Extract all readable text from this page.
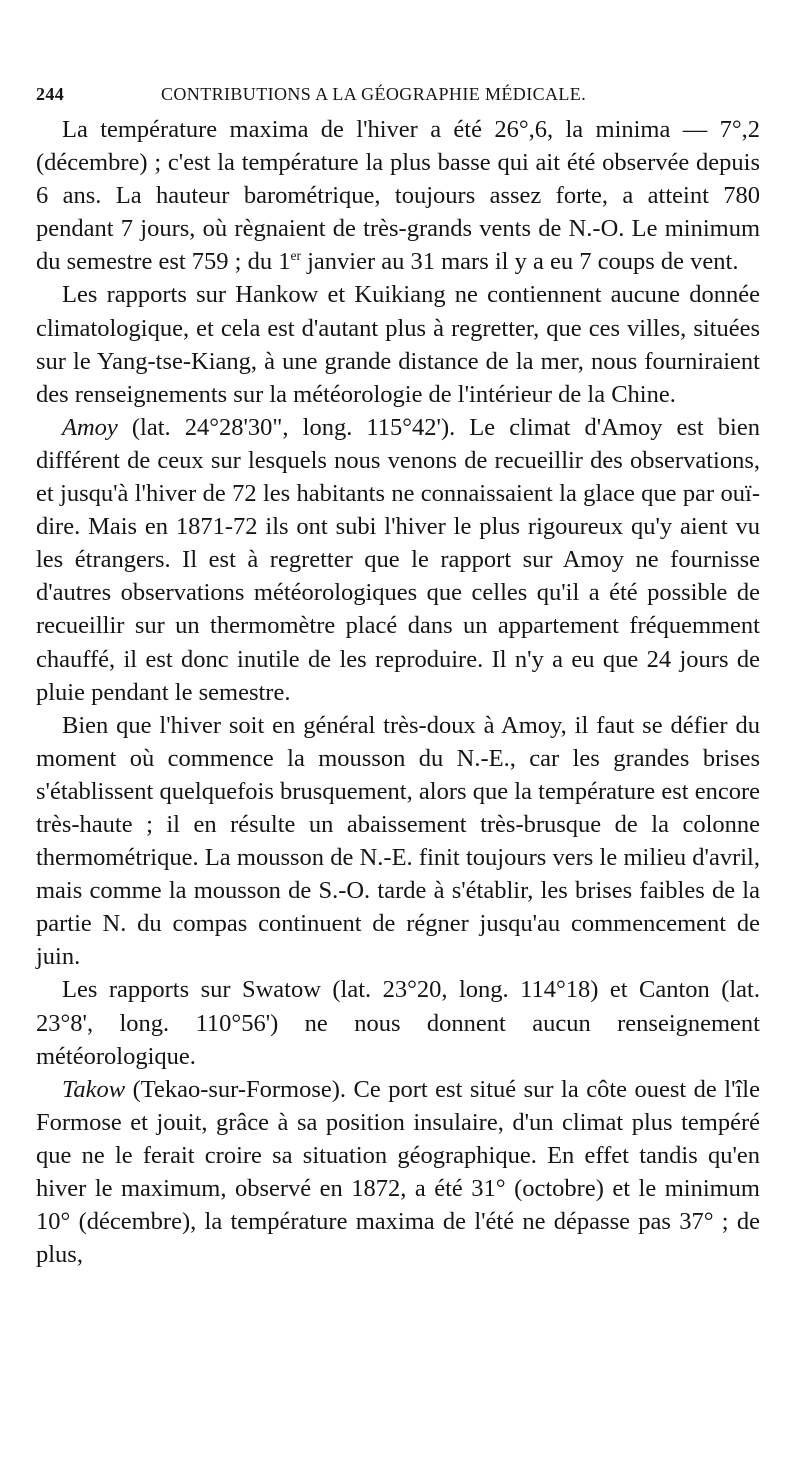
244	CONTRIBUTIONS A LA GÉOGRAPHIE MÉDICALE.

La température maxima de l'hiver a été 26°,6, la minima — 7°,2 (décembre) ; c'est la température la plus basse qui ait été observée depuis 6 ans. La hauteur barométrique, toujours assez forte, a atteint 780 pendant 7 jours, où règnaient de très-grands vents de N.-O. Le minimum du semestre est 759 ; du 1er janvier au 31 mars il y a eu 7 coups de vent.

Les rapports sur Hankow et Kuikiang ne contiennent aucune donnée climatologique, et cela est d'autant plus à regretter, que ces villes, situées sur le Yang-tse-Kiang, à une grande distance de la mer, nous fourniraient des renseignements sur la météorologie de l'intérieur de la Chine.

Amoy (lat. 24°28'30", long. 115°42'). Le climat d'Amoy est bien différent de ceux sur lesquels nous venons de recueillir des observations, et jusqu'à l'hiver de 72 les habitants ne connaissaient la glace que par ouï-dire. Mais en 1871-72 ils ont subi l'hiver le plus rigoureux qu'y aient vu les étrangers. Il est à regretter que le rapport sur Amoy ne fournisse d'autres observations météorologiques que celles qu'il a été possible de recueillir sur un thermomètre placé dans un appartement fréquemment chauffé, il est donc inutile de les reproduire. Il n'y a eu que 24 jours de pluie pendant le semestre.

Bien que l'hiver soit en général très-doux à Amoy, il faut se défier du moment où commence la mousson du N.-E., car les grandes brises s'établissent quelquefois brusquement, alors que la température est encore très-haute ; il en résulte un abaissement très-brusque de la colonne thermométrique. La mousson de N.-E. finit toujours vers le milieu d'avril, mais comme la mousson de S.-O. tarde à s'établir, les brises faibles de la partie N. du compas continuent de régner jusqu'au commencement de juin.

Les rapports sur Swatow (lat. 23°20, long. 114°18) et Canton (lat. 23°8', long. 110°56') ne nous donnent aucun renseignement météorologique.

Takow (Tekao-sur-Formose). Ce port est situé sur la côte ouest de l'île Formose et jouit, grâce à sa position insulaire, d'un climat plus tempéré que ne le ferait croire sa situation géographique. En effet tandis qu'en hiver le maximum, observé en 1872, a été 31° (octobre) et le minimum 10° (décembre), la température maxima de l'été ne dépasse pas 37° ; de plus,
